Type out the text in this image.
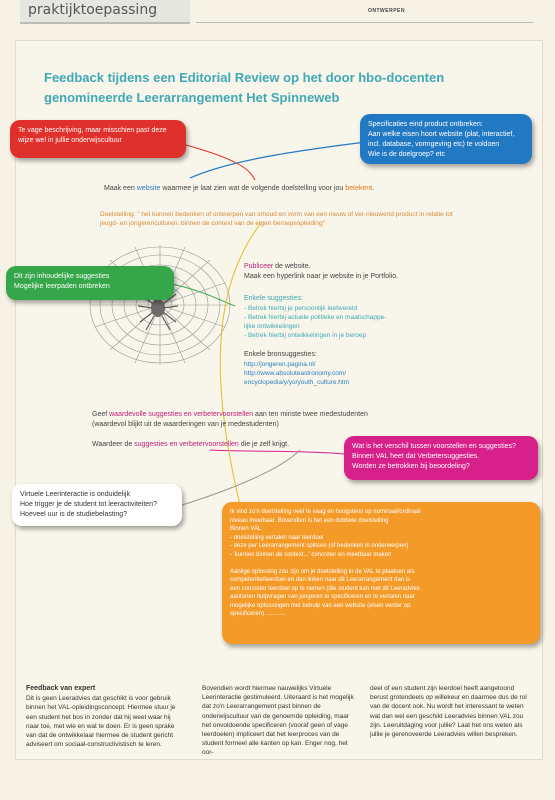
praktijktoepassing	ONTWERPEN
Feedback tijdens een Editorial Review op het door hbo-docenten
genomineerde Leerarrangement Het Spinneweb

Te vage beschrijving, maar misschien past deze

wijze wel in jullie onderwijscultuur

Specificaties eind product ontbreken:

Aan welke eisen hoort website (plat, interactief,

incl. database, vormgeving etc) te voldoen

Wie is de doelgroep? etc

Dit zijn inhoudelijke suggesties

Mogelijke leerpaden ontbreken

Wat is het verschil tussen voorstellen en suggesties?

Binnen VAL heet dat Verbetersuggesties.

Worden ze betrokken bij beoordeling?

Virtuele Leerinteractie is onduidelijk

Hoe trigger je de student tot leeractiviteiten?

Hoeveel uur is de studiebelasting?	Ik vind zo'n doelstelling veel te vaag en hoogstens op nominaal/ordinaal

niveau meetbaar. Bovendien is het een dubbele doelstelling

Binnen VAL:

- doelstelling vertalen naar leerdoel

- deze per Leerarrangement splitsen (of bedenken in onderwerpen)

- 'kunnen binnen de context...' concreter en meetbaar maken

Aanlige oplossing zou zijn om je doelstelling in de VAL te plaatsen als

competentie/leerdoel en dan linken naar dit Leerarrangement dan is

een concreter leerdoel op te nemen (die student kan met dit Leeradvies

aantonen hulpvragen van jongeren te specificeren en te vertalen naar

mogelijke oplossingen met behulp van een website (eisen verder op

specificeren) ............

Maak een website waarmee je laat zien wat de volgende doelstelling voor jou betekent.
Doelstelling: " het kunnen bedenken of ontwerpen van inhoud en vorm van een nieuw of ver-nieuwend product in relatie tot jeugd- en jongerenculturen, binnen de context van de eigen beroepsopleiding"
Publiceer de website.
Maak een hyperlink naar je website in je Portfolio.
Enkele suggesties:
- Betrek hierbij je persoonlijk leefwereld
- Betrek hierbij actuele politieke en maatschappe-
lijke ontwikkelingen
- Betrek hierbij ontwikkelingen in je beroep
Enkele bronsuggesties:
http://jongeren.pagina.nl/
http://www.absoluteastronomy.com/
encyclopedia/y/yo/youth_culture.htm
Geef waardevolle suggesties en verbetervoorstellen aan ten minste twee medestudenten
(waardevol blijkt uit de waarderingen van je medestudenten)
Waardeer de suggesties en verbetervoorstellen die je zelf krijgt.
Feedback van expert

Dit is geen Leeradvies dat geschikt is voor gebruik binnen het VAL-opleidingsconcept. Hiermee stuur je een student het bos in zonder dat hij weet waar hij naar toe, met wie en wat te doen. Er is geen sprake van dat de ontwikkelaar hiermee de student gericht adviseert om sociaal-constructivistisch te leren.

Bovendien wordt hiermee nauwelijks Virtuele Leerinteractie gestimuleerd. Uiteraard is het mogelijk dat zo'n Leerarrangement past binnen de onderwijscultuur van de genoemde opleiding, maar het onvoldoende specificeren (vooraf geen of vage leerdoelen) impliceert dat het leerproces van de student formeel alle kanten op kan. Enger nog, het oor-

deel of een student zijn leerdoel heeft aangetoond berust grotendeels op willekeur en daarmee dus de rol van de docent ook. Nu wordt het interessant te weten wat dan wel een geschikt Leeradvies binnen VAL zou zijn. Leeruitdaging voor jullie? Laat het ons weten als jullie je gerenoveerde Leeradvies willen bespreken.
